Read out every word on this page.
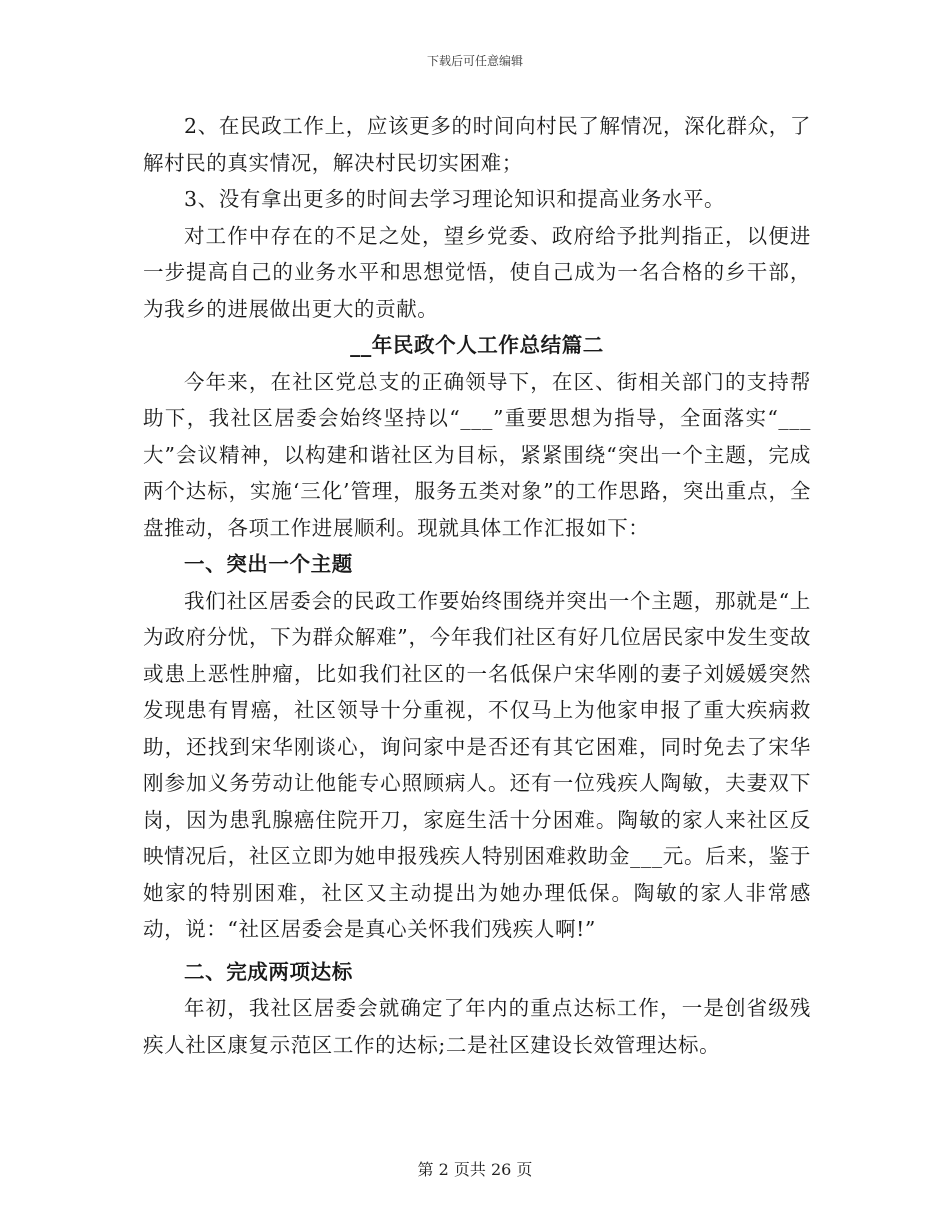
下载后可任意编辑

2、在民政工作上，应该更多的时间向村民了解情况，深化群众，了解村民的真实情况，解决村民切实困难；

3、没有拿出更多的时间去学习理论知识和提高业务水平。

对工作中存在的不足之处，望乡党委、政府给予批判指正，以便进一步提高自己的业务水平和思想觉悟，使自己成为一名合格的乡干部，为我乡的进展做出更大的贡献。

__年民政个人工作总结篇二

今年来，在社区党总支的正确领导下，在区、街相关部门的支持帮助下，我社区居委会始终坚持以“___”重要思想为指导，全面落实“___大”会议精神，以构建和谐社区为目标，紧紧围绕“突出一个主题，完成两个达标，实施‘三化’管理，服务五类对象”的工作思路，突出重点，全盘推动，各项工作进展顺利。现就具体工作汇报如下：

一、突出一个主题

我们社区居委会的民政工作要始终围绕并突出一个主题，那就是“上为政府分忧，下为群众解难”，今年我们社区有好几位居民家中发生变故或患上恶性肿瘤，比如我们社区的一名低保户宋华刚的妻子刘媛媛突然发现患有胃癌，社区领导十分重视，不仅马上为他家申报了重大疾病救助，还找到宋华刚谈心，询问家中是否还有其它困难，同时免去了宋华刚参加义务劳动让他能专心照顾病人。还有一位残疾人陶敏，夫妻双下岗，因为患乳腺癌住院开刀，家庭生活十分困难。陶敏的家人来社区反映情况后，社区立即为她申报残疾人特别困难救助金___元。后来，鉴于她家的特别困难，社区又主动提出为她办理低保。陶敏的家人非常感动，说：“社区居委会是真心关怀我们残疾人啊!”

二、完成两项达标

年初，我社区居委会就确定了年内的重点达标工作，一是创省级残疾人社区康复示范区工作的达标;二是社区建设长效管理达标。

第 2 页共 26 页
